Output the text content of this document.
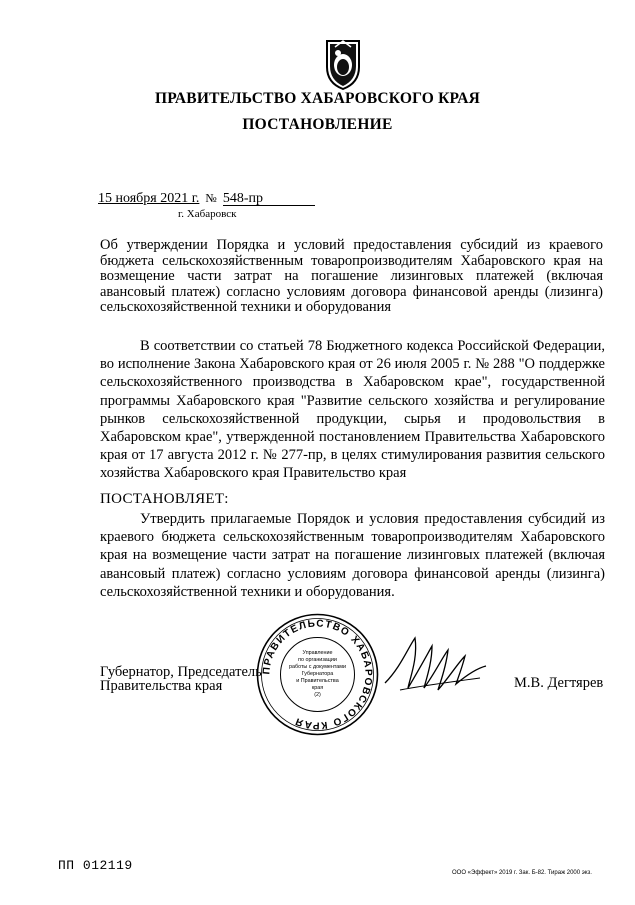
ПРАВИТЕЛЬСТВО ХАБАРОВСКОГО КРАЯ
ПОСТАНОВЛЕНИЕ
15 ноября 2021 г. № 548-пр
г. Хабаровск
Об утверждении Порядка и условий предоставления субсидий из краевого бюджета сельскохозяйственным товаропроизводителям Хабаровского края на возмещение части затрат на погашение лизинговых платежей (включая авансовый платеж) согласно условиям договора финансовой аренды (лизинга) сельскохозяйственной техники и оборудования
В соответствии со статьей 78 Бюджетного кодекса Российской Федерации, во исполнение Закона Хабаровского края от 26 июля 2005 г. № 288 "О поддержке сельскохозяйственного производства в Хабаровском крае", государственной программы Хабаровского края "Развитие сельского хозяйства и регулирование рынков сельскохозяйственной продукции, сырья и продовольствия в Хабаровском крае", утвержденной постановлением Правительства Хабаровского края от 17 августа 2012 г. № 277-пр, в целях стимулирования развития сельского хозяйства Хабаровского края Правительство края
ПОСТАНОВЛЯЕТ:
Утвердить прилагаемые Порядок и условия предоставления субсидий из краевого бюджета сельскохозяйственным товаропроизводителям Хабаровского края на возмещение части затрат на погашение лизинговых платежей (включая авансовый платеж) согласно условиям договора финансовой аренды (лизинга) сельскохозяйственной техники и оборудования.
Губернатор, Председатель
Правительства края
ПРАВИТЕЛЬСТВО ХАБАРОВСКОГО КРАЯ
Управление
по организации
работы с документами
Губернатора
и Правительства
края
(2)
М.В. Дегтярев
ПП 012119	ООО «Эффект» 2019 г. Зак. Б-82. Тираж 2000 экз.
